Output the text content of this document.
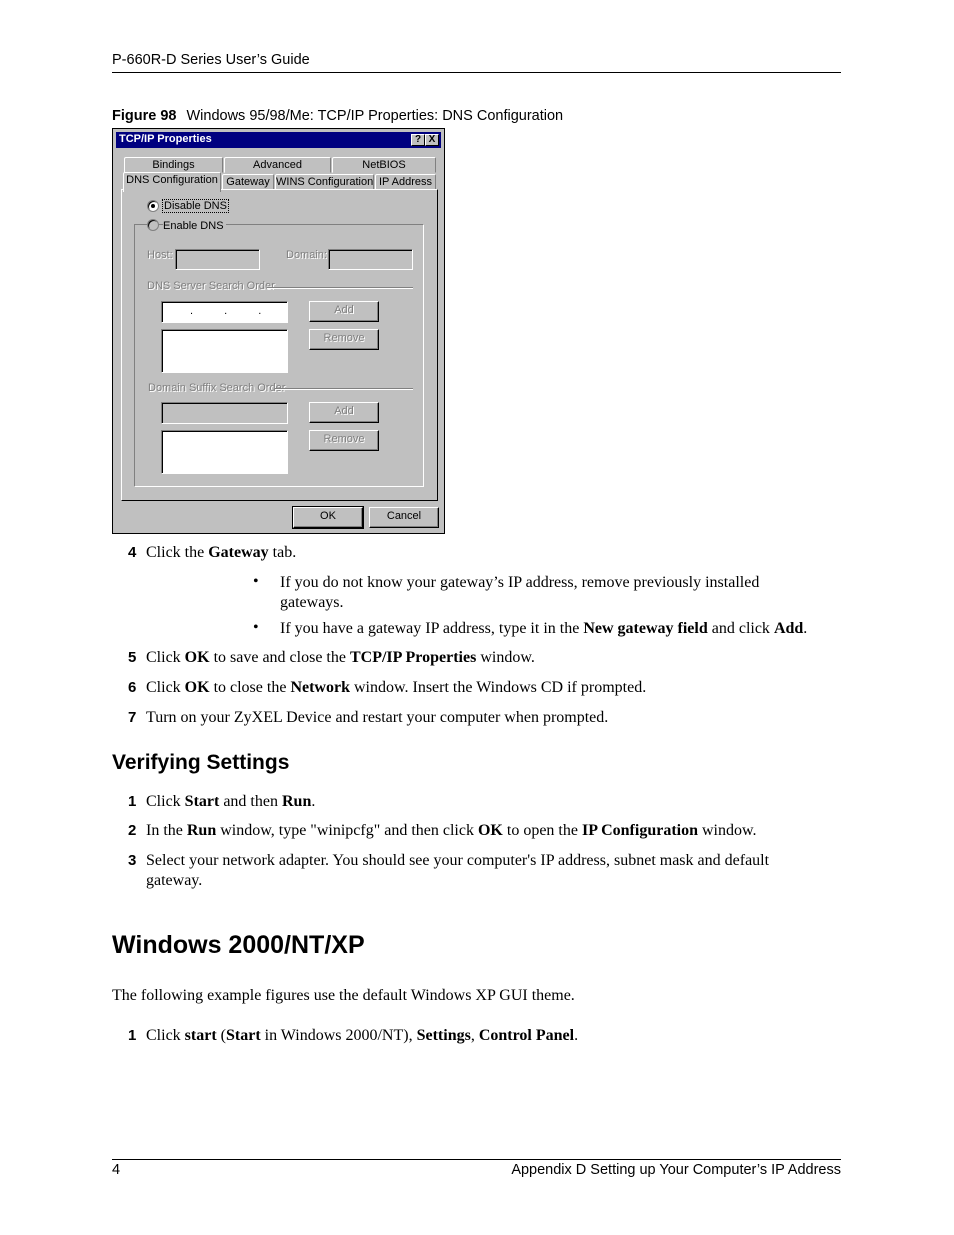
P-660R-D Series User’s Guide
Figure 98 Windows 95/98/Me: TCP/IP Properties: DNS Configuration
TCP/IP Properties	? X
Bindings	Advanced	NetBIOS
Gateway WINS Configuration IP Address
Disable DNS
Enable DNS
Host:	Domain:
DNS Server Search Order
. . .	Add
Remove
Domain Suffix Search Order
Add
Remove
DNS Configuration
OK	Cancel
4 Click the Gateway tab.
• If you do not know your gateway’s IP address, remove previously installed
gateways.
• If you have a gateway IP address, type it in the New gateway field and click Add.
5 Click OK to save and close the TCP/IP Properties window.
6 Click OK to close the Network window. Insert the Windows CD if prompted.
7 Turn on your ZyXEL Device and restart your computer when prompted.
Verifying Settings
1 Click Start and then Run.
2 In the Run window, type "winipcfg" and then click OK to open the IP Configuration window.
3 Select your network adapter. You should see your computer's IP address, subnet mask and default
gateway.
Windows 2000/NT/XP
The following example figures use the default Windows XP GUI theme.
1 Click start (Start in Windows 2000/NT), Settings, Control Panel.
4	Appendix D Setting up Your Computer’s IP Address
